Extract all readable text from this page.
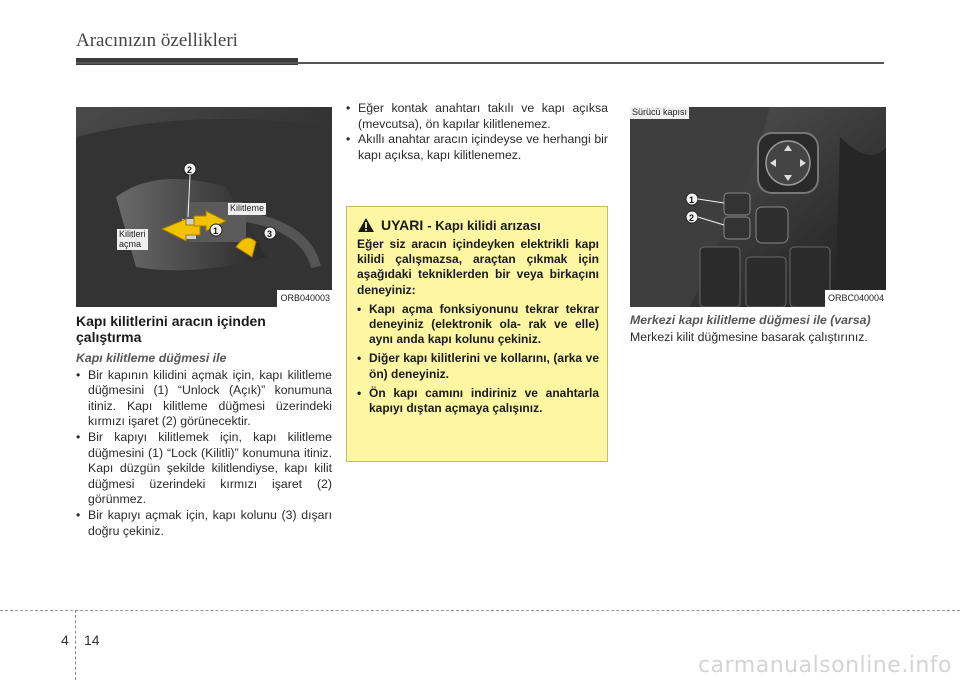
Aracınızın özellikleri
2
1	3
Kilitleri
açma
Kilitleme
ORB040003
Kapı kilitlerini aracın içinden çalıştırma
Kapı kilitleme düğmesi ile
• Bir kapının kilidini açmak için, kapı kilitleme düğmesini (1) “Unlock (Açık)” konumuna itiniz. Kapı kilitleme düğmesi üzerindeki kırmızı işaret (2) görünecektir.
• Bir kapıyı kilitlemek için, kapı kilitleme düğmesini (1) “Lock (Kilitli)” konumuna itiniz. Kapı düzgün şekilde kilitlendiyse, kapı kilit düğmesi üzerindeki kırmızı işaret (2) görünmez.
• Bir kapıyı açmak için, kapı kolunu (3) dışarı doğru çekiniz.
• Eğer kontak anahtarı takılı ve kapı açıksa (mevcutsa), ön kapılar kilitlenemez.
• Akıllı anahtar aracın içindeyse ve herhangi bir kapı açıksa, kapı kilitlenemez.
UYARI - Kapı kilidi arızası

Eğer siz aracın içindeyken elektrikli kapı kilidi çalışmazsa, araçtan çıkmak için aşağıdaki tekniklerden bir veya birkaçını deneyiniz:

• Kapı açma fonksiyonunu tekrar tekrar deneyiniz (elektronik ola- rak ve elle) aynı anda kapı kolunu çekiniz.
• Diğer kapı kilitlerini ve kollarını, (arka ve ön) deneyiniz.
• Ön kapı camını indiriniz ve anahtarla kapıyı dıştan açmaya çalışınız.
1
2
Sürücü kapısı
ORBC040004
Merkezi kapı kilitleme düğmesi ile (varsa)
Merkezi kilit düğmesine basarak çalıştırınız.
4 14
carmanualsonline.info
